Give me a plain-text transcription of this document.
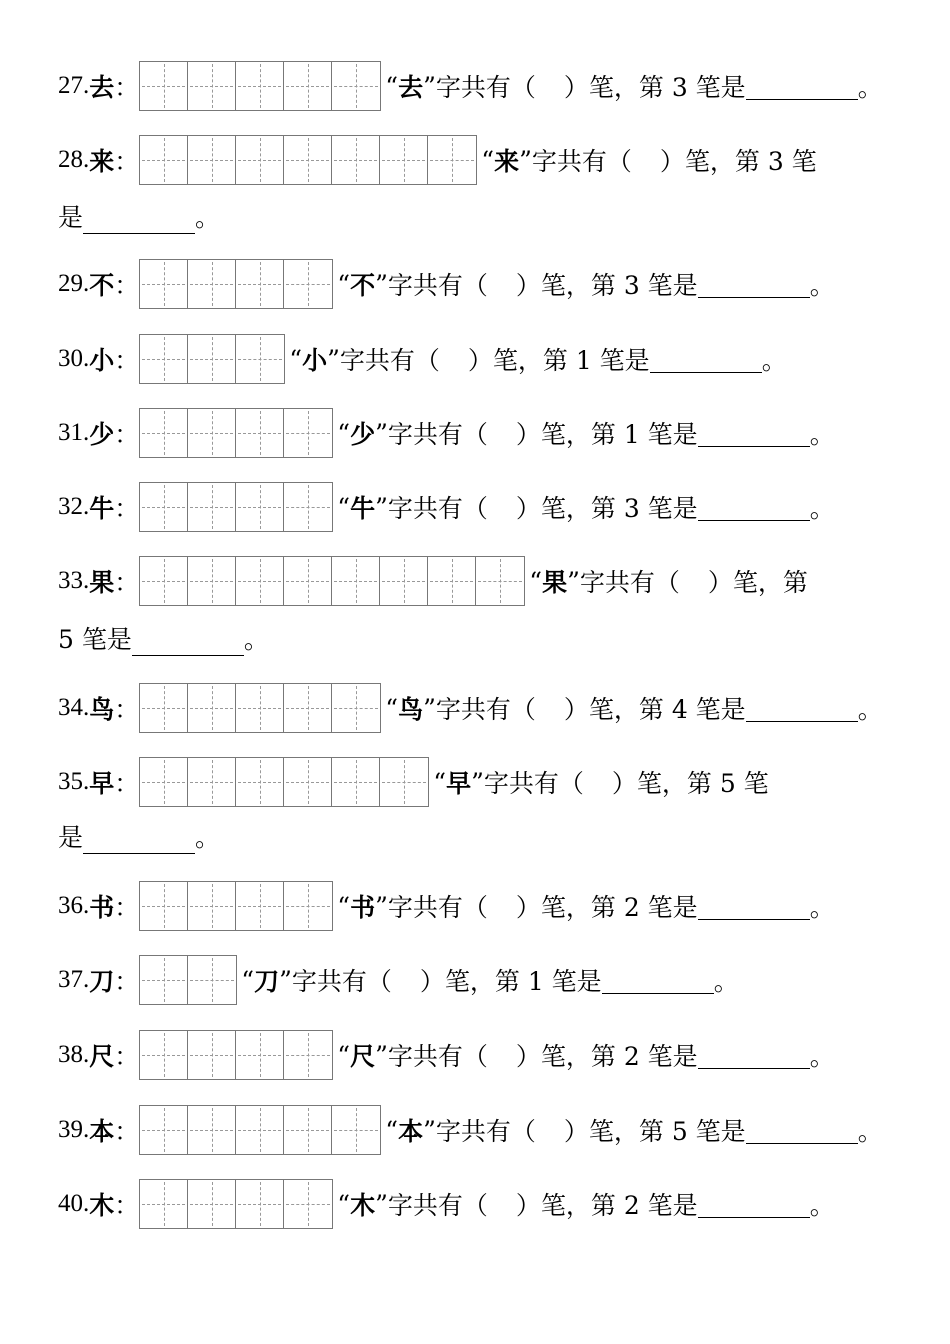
27. 去 ：	“ 去 ” 字共有（ ）笔，第 3 笔是	。
28. 来 ：	“ 来 ” 字共有（ ）笔，第 3 笔
是	。
29. 不 ：	“ 不 ” 字共有（ ）笔，第 3 笔是	。
30. 小 ：	“ 小 ” 字共有（ ）笔，第 1 笔是	。
31. 少 ：	“ 少 ” 字共有（ ）笔，第 1 笔是	。
32. 牛 ：	“ 牛 ” 字共有（ ）笔，第 3 笔是	。
33. 果 ：	“ 果 ” 字共有（ ）笔，第
5 笔是	。
34. 鸟 ：	“ 鸟 ” 字共有（ ）笔，第 4 笔是	。
35. 早 ：	“ 早 ” 字共有（ ）笔，第 5 笔
是	。
36. 书 ：	“ 书 ” 字共有（ ）笔，第 2 笔是	。
37. 刀 ：	“ 刀 ” 字共有（ ）笔，第 1 笔是	。
38. 尺 ：	“ 尺 ” 字共有（ ）笔，第 2 笔是	。
39. 本 ：	“ 本 ” 字共有（ ）笔，第 5 笔是	。
40. 木 ：	“ 木 ” 字共有（ ）笔，第 2 笔是	。
